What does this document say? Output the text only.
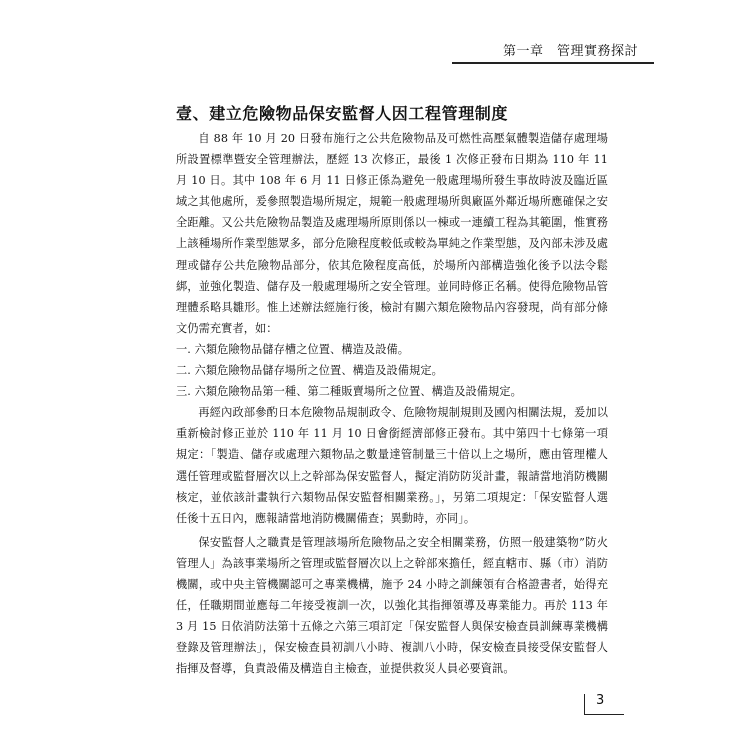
第一章　管理實務探討
壹、建立危險物品保安監督人因工程管理制度

自 88 年 10 月 20 日發布施行之公共危險物品及可燃性高壓氣體製造儲存處理場所設置標準暨安全管理辦法，歷經 13 次修正，最後 1 次修正發布日期為 110 年 11 月 10 日。其中 108 年 6 月 11 日修正係為避免一般處理場所發生事故時波及臨近區域之其他處所，爰參照製造場所規定，規範一般處理場所與廠區外鄰近場所應確保之安全距離。又公共危險物品製造及處理場所原則係以一棟或一連續工程為其範圍，惟實務上該種場所作業型態眾多，部分危險程度較低或較為單純之作業型態，及內部未涉及處理或儲存公共危險物品部分，依其危險程度高低，於場所內部構造強化後予以法令鬆綁，並強化製造、儲存及一般處理場所之安全管理。並同時修正名稱。使得危險物品管理體系略具雛形。惟上述辦法經施行後，檢討有關六類危險物品內容發現，尚有部分條文仍需充實者，如：

一. 六類危險物品儲存槽之位置、構造及設備。

二. 六類危險物品儲存場所之位置、構造及設備規定。

三. 六類危險物品第一種、第二種販賣場所之位置、構造及設備規定。

再經內政部參酌日本危險物品規制政令、危險物規制規則及國內相關法規，爰加以重新檢討修正並於 110 年 11 月 10 日會銜經濟部修正發布。其中第四十七條第一項規定：「製造、儲存或處理六類物品之數量達管制量三十倍以上之場所，應由管理權人選任管理或監督層次以上之幹部為保安監督人，擬定消防防災計畫，報請當地消防機關核定，並依該計畫執行六類物品保安監督相關業務。」，另第二項規定：「保安監督人選任後十五日內，應報請當地消防機關備查；異動時，亦同」。

保安監督人之職責是管理該場所危險物品之安全相關業務，仿照一般建築物”防火管理人」為該事業場所之管理或監督層次以上之幹部來擔任，經直轄市、縣（市）消防機關，或中央主管機關認可之專業機構，施予 24 小時之訓練領有合格證書者，始得充任，任職期間並應每二年接受複訓一次，以強化其指揮領導及專業能力。再於 113 年 3 月 15 日依消防法第十五條之六第三項訂定「保安監督人與保安檢查員訓練專業機構登錄及管理辦法」，保安檢查員初訓八小時、複訓八小時，保安檢查員接受保安監督人指揮及督導，負責設備及構造自主檢查，並提供救災人員必要資訊。

3
